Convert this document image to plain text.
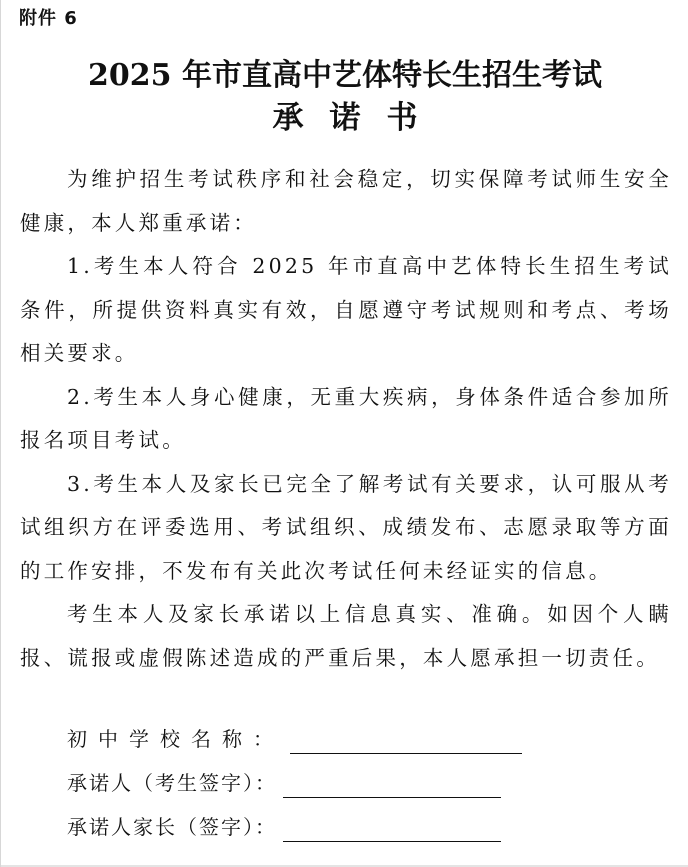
附件 6
2025 年市直高中艺体特长生招生考试
承诺书

为维护招生考试秩序和社会稳定，切实保障考试师生安全健康，本人郑重承诺：

1.考生本人符合 2025 年市直高中艺体特长生招生考试条件，所提供资料真实有效，自愿遵守考试规则和考点、考场相关要求。

2.考生本人身心健康，无重大疾病，身体条件适合参加所报名项目考试。

3.考生本人及家长已完全了解考试有关要求，认可服从考试组织方在评委选用、考试组织、成绩发布、志愿录取等方面的工作安排，不发布有关此次考试任何未经证实的信息。

考生本人及家长承诺以上信息真实、准确。如因个人瞒报、谎报或虚假陈述造成的严重后果，本人愿承担一切责任。

初中学校名称：
承诺人（考生签字）：
承诺人家长（签字）：
